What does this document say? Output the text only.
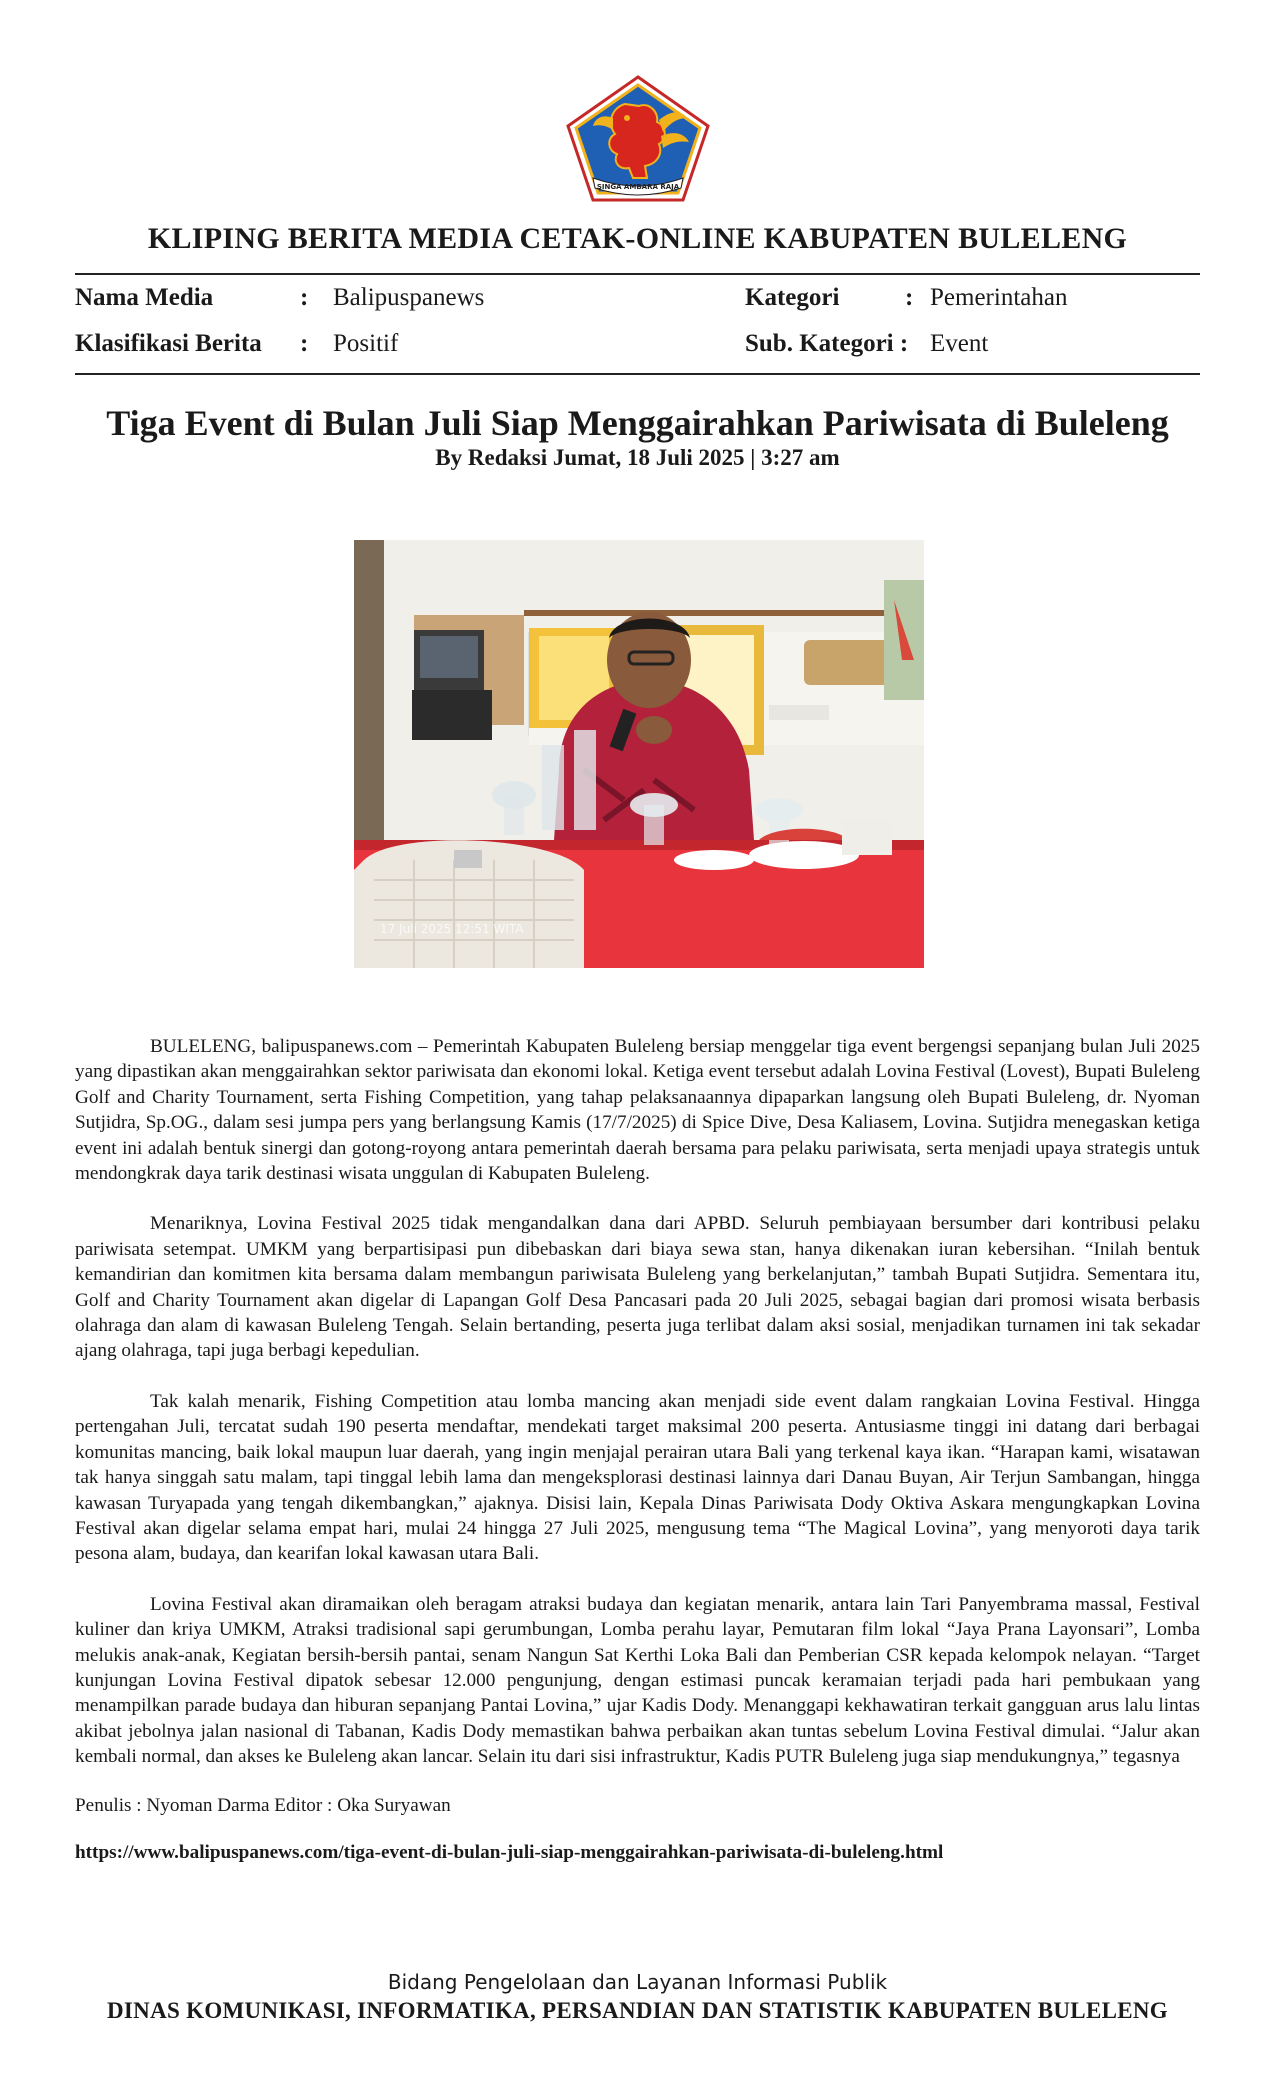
SINGA AMBARA RAJA
KLIPING BERITA MEDIA CETAK-ONLINE KABUPATEN BULELENG
Nama Media	: Balipuspanews	Kategori	: Pemerintahan
Klasifikasi Berita : Positif	Sub. Kategori : Event
Tiga Event di Bulan Juli Siap Menggairahkan Pariwisata di Buleleng
By Redaksi Jumat, 18 Juli 2025 | 3:27 am
17 Juli 2025 12:51 WITA

BULELENG, balipuspanews.com – Pemerintah Kabupaten Buleleng bersiap menggelar tiga event bergengsi sepanjang bulan Juli 2025 yang dipastikan akan menggairahkan sektor pariwisata dan ekonomi lokal. Ketiga event tersebut adalah Lovina Festival (Lovest), Bupati Buleleng Golf and Charity Tournament, serta Fishing Competition, yang tahap pelaksanaannya dipaparkan langsung oleh Bupati Buleleng, dr. Nyoman Sutjidra, Sp.OG., dalam sesi jumpa pers yang berlangsung Kamis (17/7/2025) di Spice Dive, Desa Kaliasem, Lovina. Sutjidra menegaskan ketiga event ini adalah bentuk sinergi dan gotong-royong antara pemerintah daerah bersama para pelaku pariwisata, serta menjadi upaya strategis untuk mendongkrak daya tarik destinasi wisata unggulan di Kabupaten Buleleng.

Menariknya, Lovina Festival 2025 tidak mengandalkan dana dari APBD. Seluruh pembiayaan bersumber dari kontribusi pelaku pariwisata setempat. UMKM yang berpartisipasi pun dibebaskan dari biaya sewa stan, hanya dikenakan iuran kebersihan. “Inilah bentuk kemandirian dan komitmen kita bersama dalam membangun pariwisata Buleleng yang berkelanjutan,” tambah Bupati Sutjidra. Sementara itu, Golf and Charity Tournament akan digelar di Lapangan Golf Desa Pancasari pada 20 Juli 2025, sebagai bagian dari promosi wisata berbasis olahraga dan alam di kawasan Buleleng Tengah. Selain bertanding, peserta juga terlibat dalam aksi sosial, menjadikan turnamen ini tak sekadar ajang olahraga, tapi juga berbagi kepedulian.

Tak kalah menarik, Fishing Competition atau lomba mancing akan menjadi side event dalam rangkaian Lovina Festival. Hingga pertengahan Juli, tercatat sudah 190 peserta mendaftar, mendekati target maksimal 200 peserta. Antusiasme tinggi ini datang dari berbagai komunitas mancing, baik lokal maupun luar daerah, yang ingin menjajal perairan utara Bali yang terkenal kaya ikan. “Harapan kami, wisatawan tak hanya singgah satu malam, tapi tinggal lebih lama dan mengeksplorasi destinasi lainnya dari Danau Buyan, Air Terjun Sambangan, hingga kawasan Turyapada yang tengah dikembangkan,” ajaknya. Disisi lain, Kepala Dinas Pariwisata Dody Oktiva Askara mengungkapkan Lovina Festival akan digelar selama empat hari, mulai 24 hingga 27 Juli 2025, mengusung tema “The Magical Lovina”, yang menyoroti daya tarik pesona alam, budaya, dan kearifan lokal kawasan utara Bali.

Lovina Festival akan diramaikan oleh beragam atraksi budaya dan kegiatan menarik, antara lain Tari Panyembrama massal, Festival kuliner dan kriya UMKM, Atraksi tradisional sapi gerumbungan, Lomba perahu layar, Pemutaran film lokal “Jaya Prana Layonsari”, Lomba melukis anak-anak, Kegiatan bersih-bersih pantai, senam Nangun Sat Kerthi Loka Bali dan Pemberian CSR kepada kelompok nelayan. “Target kunjungan Lovina Festival dipatok sebesar 12.000 pengunjung, dengan estimasi puncak keramaian terjadi pada hari pembukaan yang menampilkan parade budaya dan hiburan sepanjang Pantai Lovina,” ujar Kadis Dody. Menanggapi kekhawatiran terkait gangguan arus lalu lintas akibat jebolnya jalan nasional di Tabanan, Kadis Dody memastikan bahwa perbaikan akan tuntas sebelum Lovina Festival dimulai. “Jalur akan kembali normal, dan akses ke Buleleng akan lancar. Selain itu dari sisi infrastruktur, Kadis PUTR Buleleng juga siap mendukungnya,” tegasnya

Penulis : Nyoman Darma Editor : Oka Suryawan

https://www.balipuspanews.com/tiga-event-di-bulan-juli-siap-menggairahkan-pariwisata-di-buleleng.html

Bidang Pengelolaan dan Layanan Informasi Publik
DINAS KOMUNIKASI, INFORMATIKA, PERSANDIAN DAN STATISTIK KABUPATEN BULELENG
